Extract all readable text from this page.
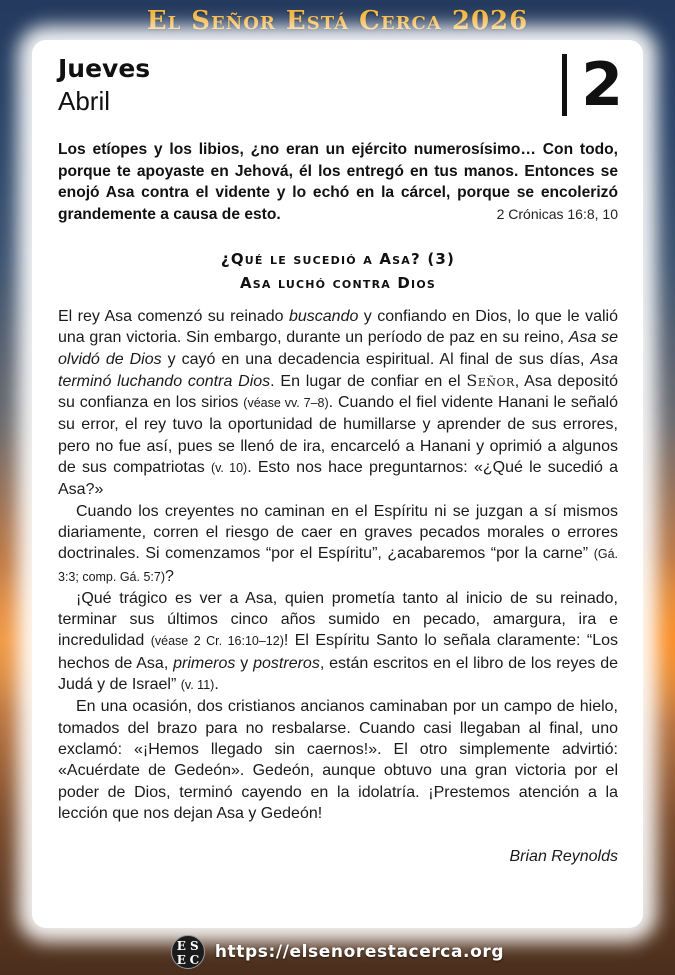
El Señor Está Cerca 2026
Jueves
Abril	2
Los etíopes y los libios, ¿no eran un ejército numerosísimo… Con todo, porque te apoyaste en Jehová, él los entregó en tus manos. Entonces se enojó Asa contra el vidente y lo echó en la cárcel, porque se encolerizó grandemente a causa de esto.	2 Crónicas 16:8, 10
¿Qué le sucedió a Asa? (3)
Asa luchó contra Dios

El rey Asa comenzó su reinado buscando y confiando en Dios, lo que le valió una gran victoria. Sin embargo, durante un período de paz en su reino, Asa se olvidó de Dios y cayó en una decadencia espiritual. Al final de sus días, Asa terminó luchando contra Dios. En lugar de confiar en el Señor, Asa depositó su confianza en los sirios (véase vv. 7–8). Cuando el fiel vidente Hanani le señaló su error, el rey tuvo la oportunidad de humillarse y aprender de sus errores, pero no fue así, pues se llenó de ira, encarceló a Hanani y oprimió a algunos de sus compatriotas (v. 10). Esto nos hace preguntarnos: «¿Qué le sucedió a Asa?»

Cuando los creyentes no caminan en el Espíritu ni se juzgan a sí mismos diariamente, corren el riesgo de caer en graves pecados morales o errores doctrinales. Si comenzamos “por el Espíritu”, ¿acabaremos “por la carne” (Gá. 3:3; comp. Gá. 5:7)?

¡Qué trágico es ver a Asa, quien prometía tanto al inicio de su reinado, terminar sus últimos cinco años sumido en pecado, amargura, ira e incredulidad (véase 2 Cr. 16:10–12)! El Espíritu Santo lo señala claramente: “Los hechos de Asa, primeros y postreros, están escritos en el libro de los reyes de Judá y de Israel” (v. 11).

En una ocasión, dos cristianos ancianos caminaban por un campo de hielo, tomados del brazo para no resbalarse. Cuando casi llegaban al final, uno exclamó: «¡Hemos llegado sin caernos!». El otro simplemente advirtió: «Acuérdate de Gedeón». Gedeón, aunque obtuvo una gran victoria por el poder de Dios, terminó cayendo en la idolatría. ¡Prestemos atención a la lección que nos dejan Asa y Gedeón!

Brian Reynolds
E S
E C https://elsenorestacerca.org
